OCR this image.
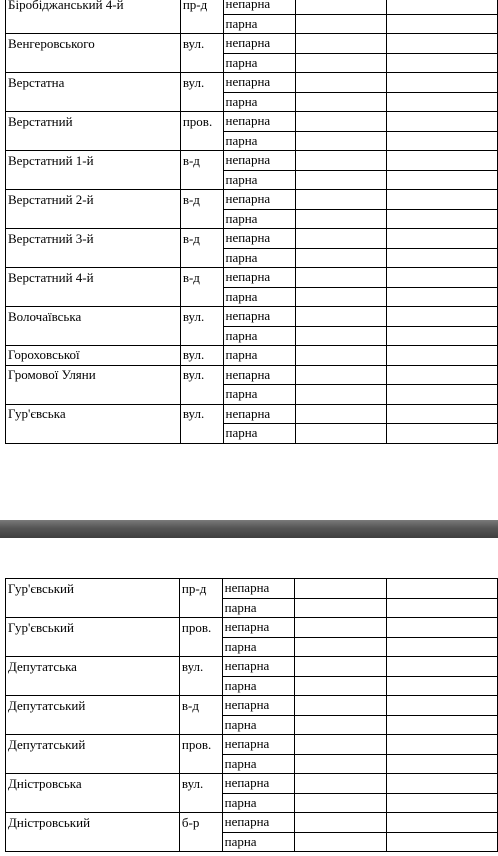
Біробіджанський 4-й	пр-д	непарна		
		парна		
Венгеровського	вул.	непарна		
		парна		
Верстатна	вул.	непарна		
		парна		
Верстатний	пров.	непарна		
		парна		
Верстатний 1-й	в-д	непарна		
		парна		
Верстатний 2-й	в-д	непарна		
		парна		
Верстатний 3-й	в-д	непарна		
		парна		
Верстатний 4-й	в-д	непарна		
		парна		
Волочаївська	вул.	непарна		
		парна		
Гороховської	вул.	парна		
Громової Уляни	вул.	непарна		
		парна		
Гур'євська	вул.	непарна		
		парна		
Гур'євський	пр-д	непарна		
		парна		
Гур'євський	пров.	непарна		
		парна		
Депутатська	вул.	непарна		
		парна		
Депутатський	в-д	непарна		
		парна		
Депутатський	пров.	непарна		
		парна		
Дністровська	вул.	непарна		
		парна		
Дністровський	б-р	непарна		
		парна		
